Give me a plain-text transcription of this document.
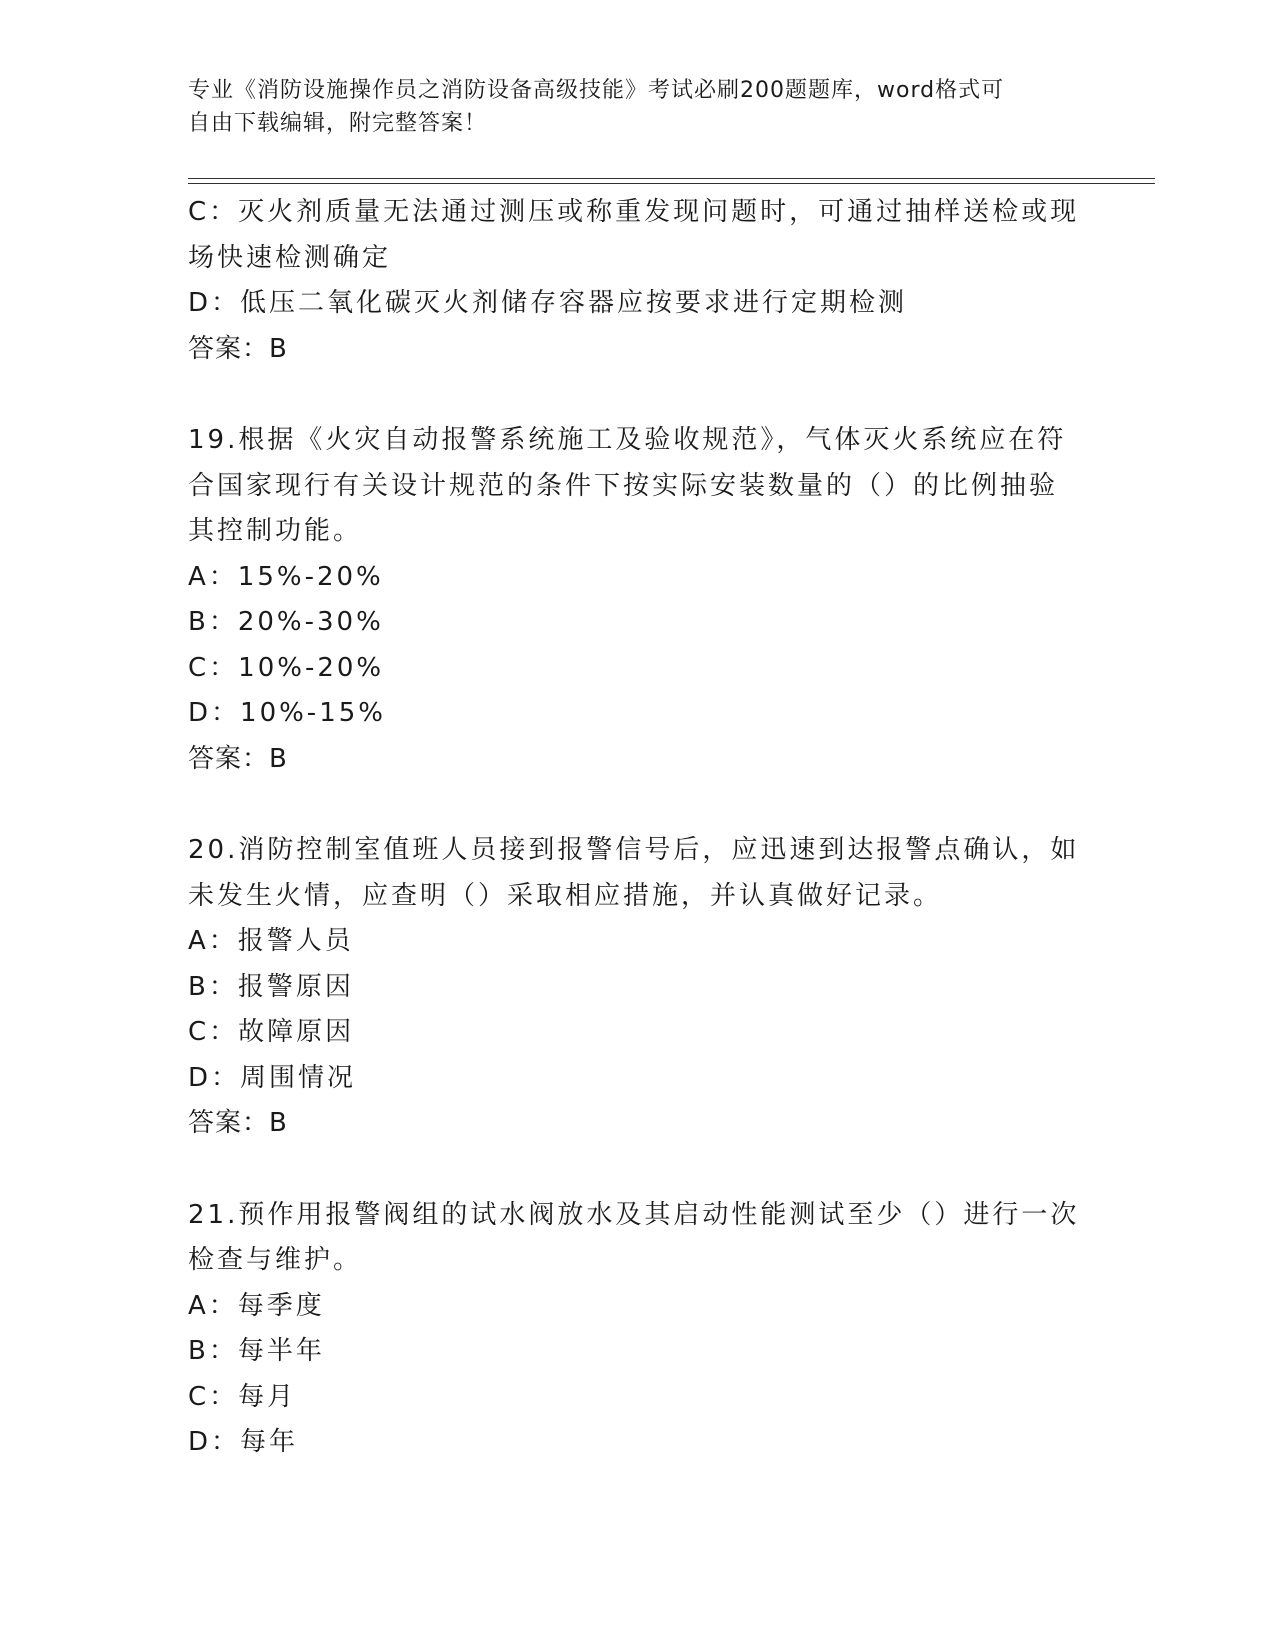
专业《消防设施操作员之消防设备高级技能》考试必刷200题题库，word格式可
自由下载编辑，附完整答案！
C：灭火剂质量无法通过测压或称重发现问题时，可通过抽样送检或现
场快速检测确定
D：低压二氧化碳灭火剂储存容器应按要求进行定期检测
答案：B
19.根据《火灾自动报警系统施工及验收规范》，气体灭火系统应在符
合国家现行有关设计规范的条件下按实际安装数量的（）的比例抽验
其控制功能。
A：15%-20%
B：20%-30%
C：10%-20%
D：10%-15%
答案：B
20.消防控制室值班人员接到报警信号后，应迅速到达报警点确认，如
未发生火情，应查明（）采取相应措施，并认真做好记录。
A：报警人员
B：报警原因
C：故障原因
D：周围情况
答案：B
21.预作用报警阀组的试水阀放水及其启动性能测试至少（）进行一次
检查与维护。
A：每季度
B：每半年
C：每月
D：每年
